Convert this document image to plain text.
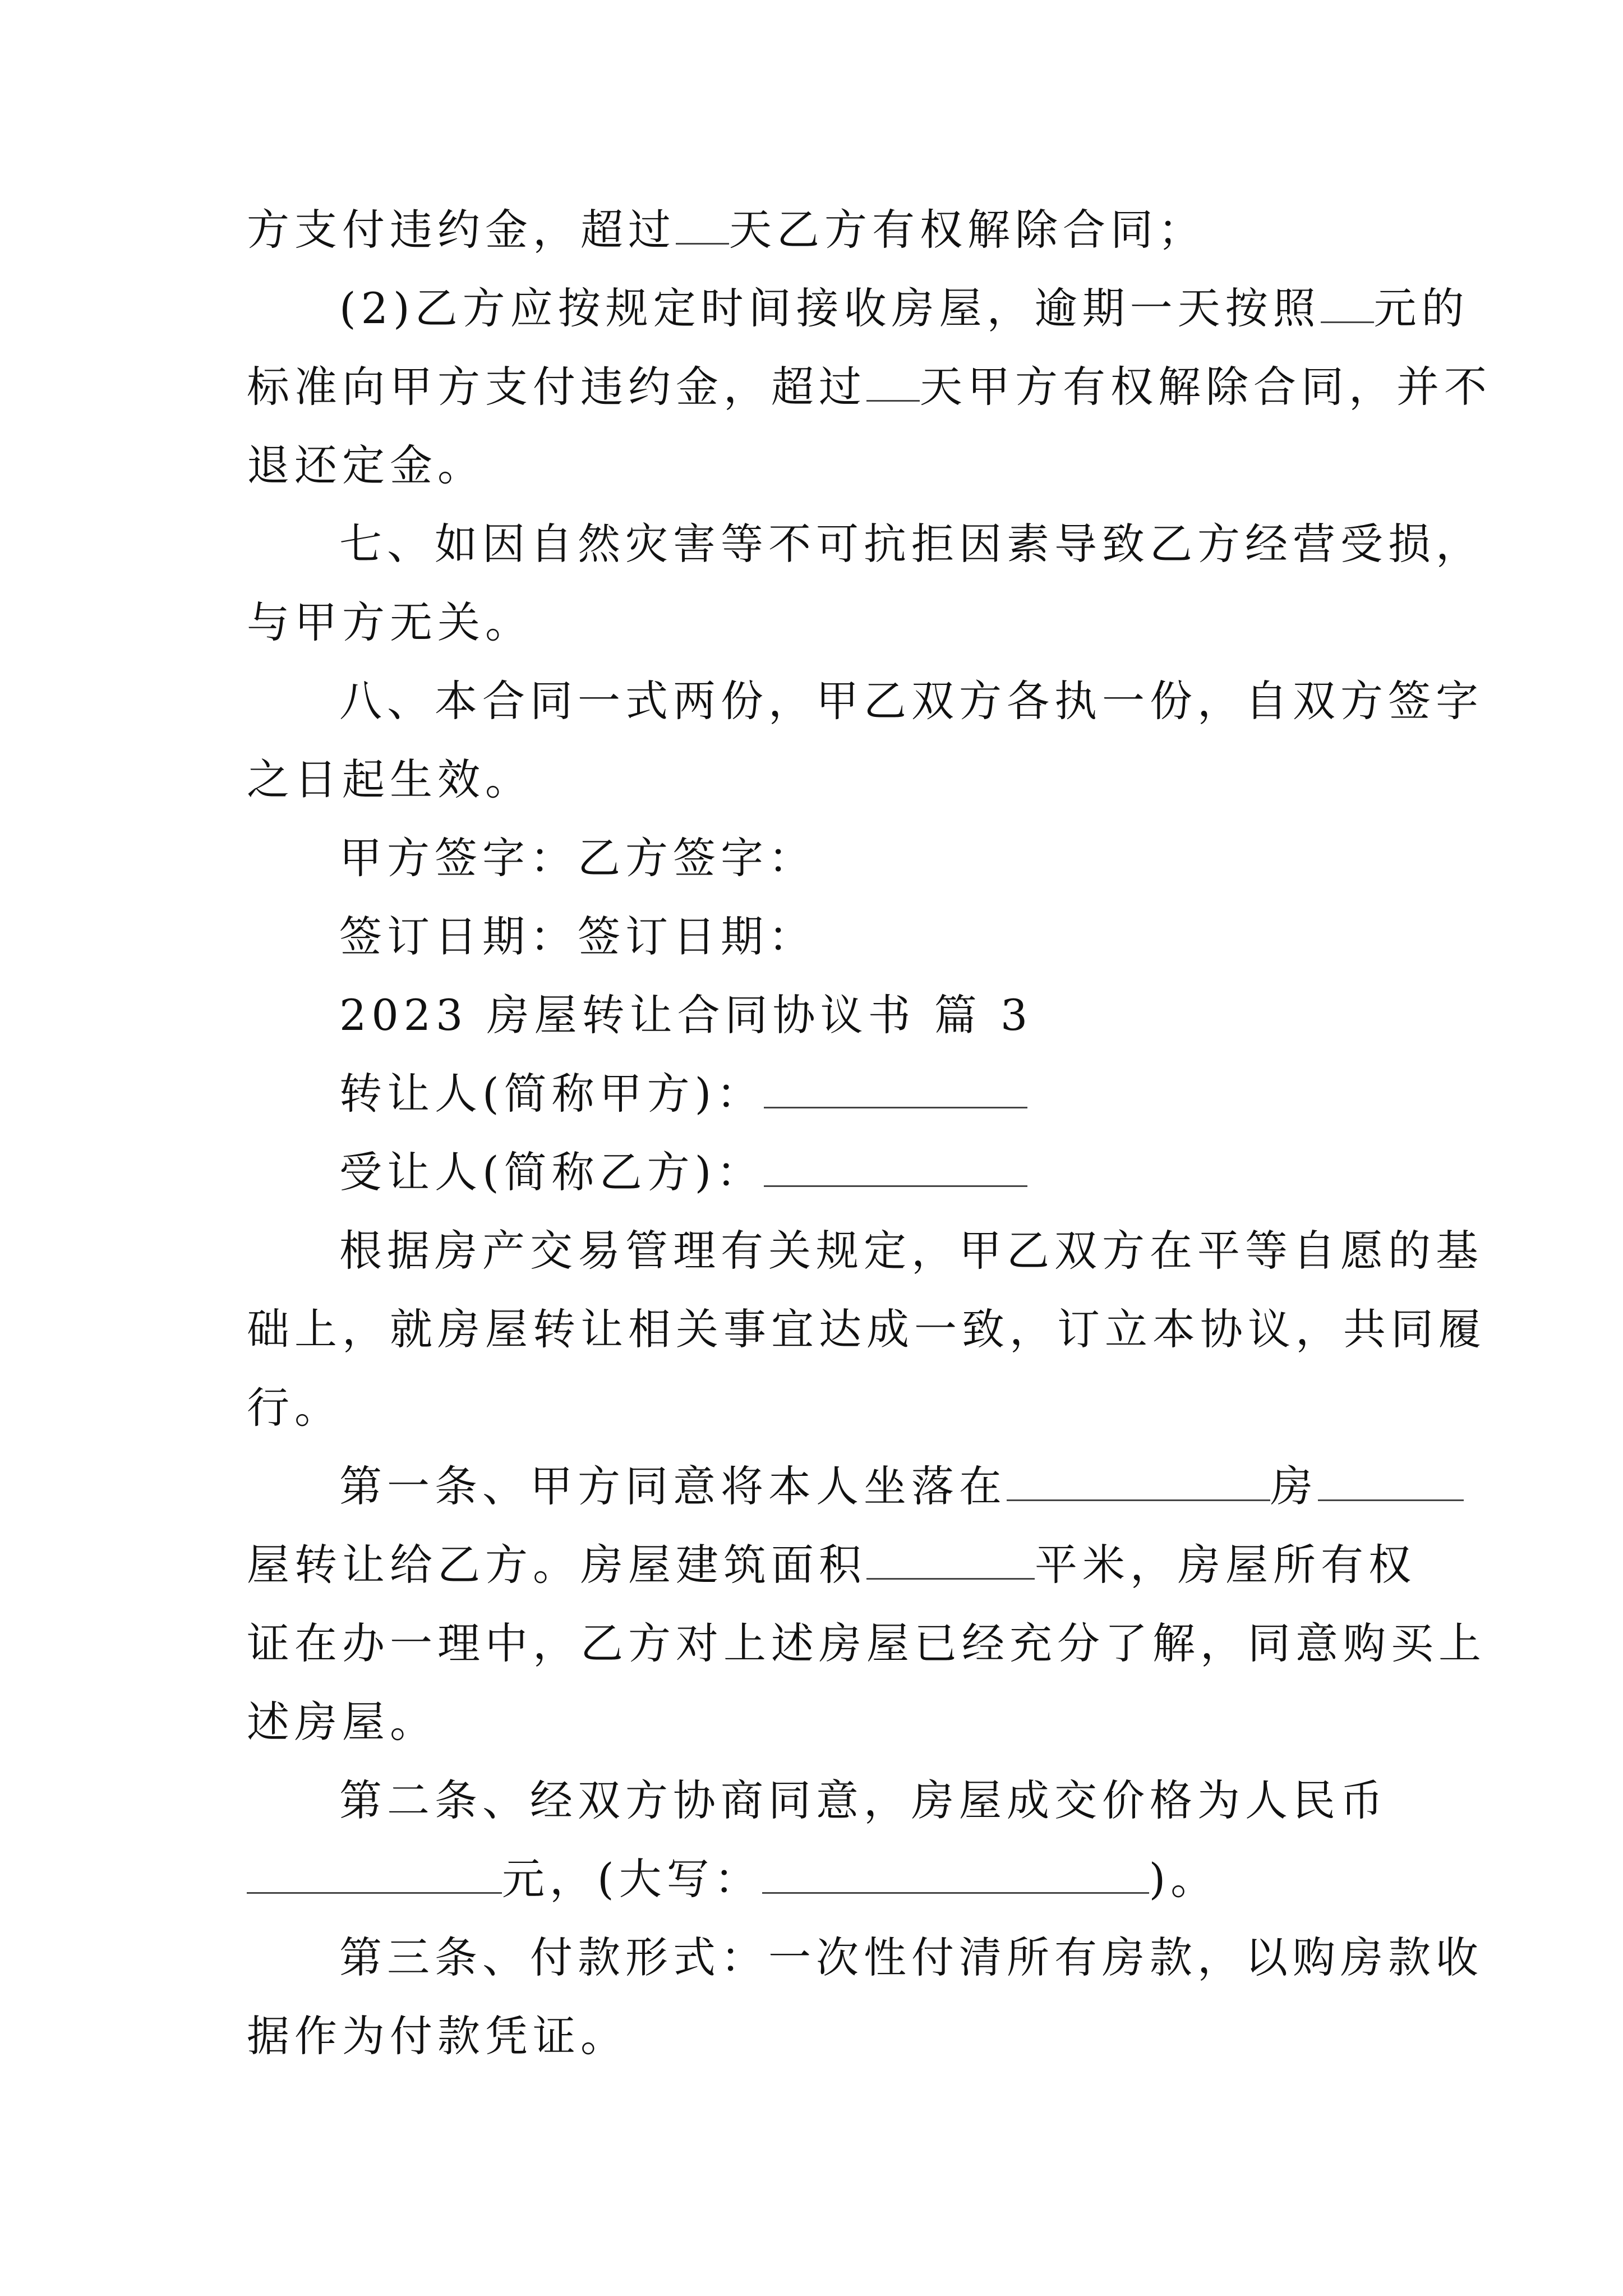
方支付违约金，超过 天乙方有权解除合同；
(2)乙方应按规定时间接收房屋，逾期一天按照 元的
标准向甲方支付违约金，超过 天甲方有权解除合同，并不
退还定金。
七、如因自然灾害等不可抗拒因素导致乙方经营受损，
与甲方无关。
八、本合同一式两份，甲乙双方各执一份，自双方签字
之日起生效。
甲方签字：乙方签字：
签订日期：签订日期：
2023 房屋转让合同协议书 篇 3
转让人(简称甲方)：
受让人(简称乙方)：
根据房产交易管理有关规定，甲乙双方在平等自愿的基
础上，就房屋转让相关事宜达成一致，订立本协议，共同履
行。
第一条、甲方同意将本人坐落在	房
屋转让给乙方。房屋建筑面积	平米，房屋所有权
证在办一理中，乙方对上述房屋已经充分了解，同意购买上
述房屋。
第二条、经双方协商同意，房屋成交价格为人民币
元，(大写：	)。
第三条、付款形式：一次性付清所有房款，以购房款收
据作为付款凭证。
